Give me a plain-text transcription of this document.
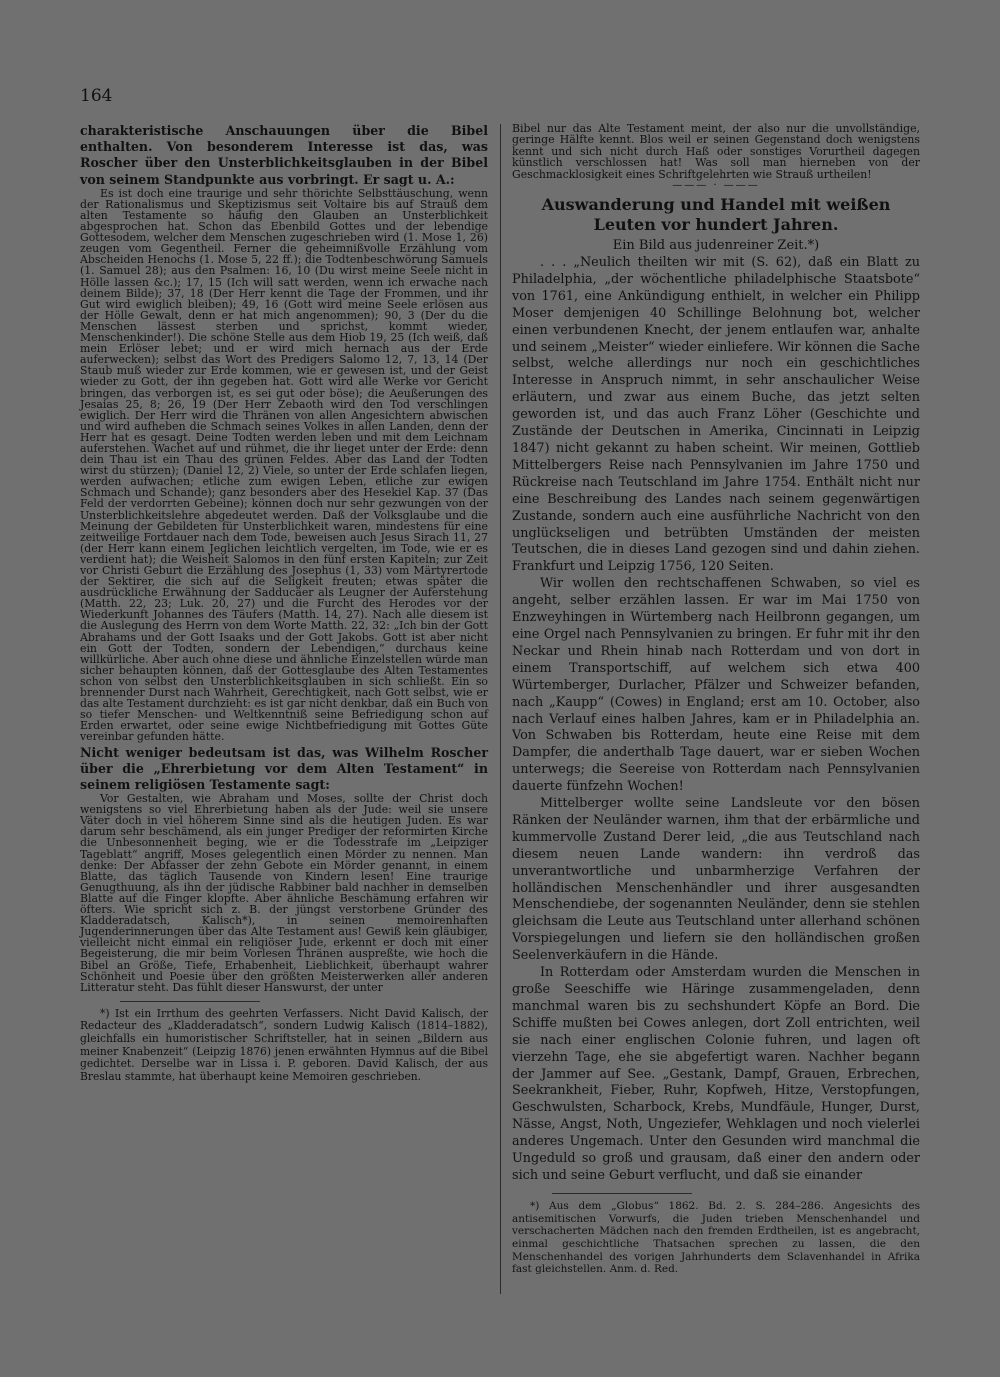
164

charakteristische Anschauungen über die Bibel enthalten. Von besonderem Interesse ist das, was Roscher über den Unsterblichkeitsglauben in der Bibel von seinem Standpunkte aus vorbringt. Er sagt u. A.:

Es ist doch eine traurige und sehr thörichte Selbsttäuschung, wenn der Rationalismus und Skeptizismus seit Voltaire bis auf Strauß dem alten Testamente so häufig den Glauben an Unsterblichkeit abgesprochen hat. Schon das Ebenbild Gottes und der lebendige Gottesodem, welcher dem Menschen zugeschrieben wird (1. Mose 1, 26) zeugen vom Gegentheil. Ferner die geheimnißvolle Erzählung vom Abscheiden Henochs (1. Mose 5, 22 ff.); die Todtenbeschwörung Samuels (1. Samuel 28); aus den Psalmen: 16, 10 (Du wirst meine Seele nicht in Hölle lassen &c.); 17, 15 (Ich will satt werden, wenn ich erwache nach deinem Bilde); 37, 18 (Der Herr kennt die Tage der Frommen, und ihr Gut wird ewiglich bleiben); 49, 16 (Gott wird meine Seele erlösen aus der Hölle Gewalt, denn er hat mich angenommen); 90, 3 (Der du die Menschen lässest sterben und sprichst, kommt wieder, Menschenkinder!). Die schöne Stelle aus dem Hiob 19, 25 (Ich weiß, daß mein Erlöser lebet; und er wird mich hernach aus der Erde auferwecken); selbst das Wort des Predigers Salomo 12, 7, 13, 14 (Der Staub muß wieder zur Erde kommen, wie er gewesen ist, und der Geist wieder zu Gott, der ihn gegeben hat. Gott wird alle Werke vor Gericht bringen, das verborgen ist, es sei gut oder böse); die Aeußerungen des Jesaias 25, 8; 26, 19 (Der Herr Zebaoth wird den Tod verschlingen ewiglich. Der Herr wird die Thränen von allen Angesichtern abwischen und wird aufheben die Schmach seines Volkes in allen Landen, denn der Herr hat es gesagt. Deine Todten werden leben und mit dem Leichnam auferstehen. Wachet auf und rühmet, die ihr lieget unter der Erde: denn dein Thau ist ein Thau des grünen Feldes. Aber das Land der Todten wirst du stürzen); (Daniel 12, 2) Viele, so unter der Erde schlafen liegen, werden aufwachen; etliche zum ewigen Leben, etliche zur ewigen Schmach und Schande); ganz besonders aber des Hesekiel Kap. 37 (Das Feld der verdorrten Gebeine); können doch nur sehr gezwungen von der Unsterblichkeitslehre abgedeutet werden. Daß der Volksglaube und die Meinung der Gebildeten für Unsterblichkeit waren, mindestens für eine zeitweilige Fortdauer nach dem Tode, beweisen auch Jesus Sirach 11, 27 (der Herr kann einem Jeglichen leichtlich vergelten, im Tode, wie er es verdient hat); die Weisheit Salomos in den fünf ersten Kapiteln; zur Zeit vor Christi Geburt die Erzählung des Josephus (1, 33) vom Märtyrertode der Sektirer, die sich auf die Seligkeit freuten; etwas später die ausdrückliche Erwähnung der Sadducäer als Leugner der Auferstehung (Matth. 22, 23; Luk. 20, 27) und die Furcht des Herodes vor der Wiederkunft Johannes des Täufers (Matth. 14, 27). Nach alle diesem ist die Auslegung des Herrn von dem Worte Matth. 22, 32: „Ich bin der Gott Abrahams und der Gott Isaaks und der Gott Jakobs. Gott ist aber nicht ein Gott der Todten, sondern der Lebendigen,“ durchaus keine willkürliche. Aber auch ohne diese und ähnliche Einzelstellen würde man sicher behaupten können, daß der Gottesglaube des Alten Testamentes schon von selbst den Unsterblichkeitsglauben in sich schließt. Ein so brennender Durst nach Wahrheit, Gerechtigkeit, nach Gott selbst, wie er das alte Testament durchzieht: es ist gar nicht denkbar, daß ein Buch von so tiefer Menschen- und Weltkenntniß seine Befriedigung schon auf Erden erwartet, oder seine ewige Nichtbefriedigung mit Gottes Güte vereinbar gefunden hätte.

Nicht weniger bedeutsam ist das, was Wilhelm Roscher über die „Ehrerbietung vor dem Alten Testament“ in seinem religiösen Testamente sagt:

Vor Gestalten, wie Abraham und Moses, sollte der Christ doch wenigstens so viel Ehrerbietung haben als der Jude: weil sie unsere Väter doch in viel höherem Sinne sind als die heutigen Juden. Es war darum sehr beschämend, als ein junger Prediger der reformirten Kirche die Unbesonnenheit beging, wie er die Todesstrafe im „Leipziger Tageblatt“ angriff, Moses gelegentlich einen Mörder zu nennen. Man denke: Der Abfasser der zehn Gebote ein Mörder genannt, in einem Blatte, das täglich Tausende von Kindern lesen! Eine traurige Genugthuung, als ihn der jüdische Rabbiner bald nachher in demselben Blatte auf die Finger klopfte. Aber ähnliche Beschämung erfahren wir öfters. Wie spricht sich z. B. der jüngst verstorbene Gründer des Kladderadatsch, Kalisch*), in seinen memoirenhaften Jugenderinnerungen über das Alte Testament aus! Gewiß kein gläubiger, vielleicht nicht einmal ein religiöser Jude, erkennt er doch mit einer Begeisterung, die mir beim Vorlesen Thränen auspreßte, wie hoch die Bibel an Größe, Tiefe, Erhabenheit, Lieblichkeit, überhaupt wahrer Schönheit und Poesie über den größten Meisterwerken aller anderen Litteratur steht. Das fühlt dieser Hanswurst, der unter

*) Ist ein Irrthum des geehrten Verfassers. Nicht David Kalisch, der Redacteur des „Kladderadatsch“, sondern Ludwig Kalisch (1814–1882), gleichfalls ein humoristischer Schriftsteller, hat in seinen „Bildern aus meiner Knabenzeit“ (Leipzig 1876) jenen erwähnten Hymnus auf die Bibel gedichtet. Derselbe war in Lissa i. P. geboren. David Kalisch, der aus Breslau stammte, hat überhaupt keine Memoiren geschrieben.

Bibel nur das Alte Testament meint, der also nur die unvollständige, geringe Hälfte kennt. Blos weil er seinen Gegenstand doch wenigstens kennt und sich nicht durch Haß oder sonstiges Vorurtheil dagegen künstlich verschlossen hat! Was soll man hierneben von der Geschmacklosigkeit eines Schriftgelehrten wie Strauß urtheilen!

——— · ———
Auswanderung und Handel mit weißen Leuten vor hundert Jahren.
Ein Bild aus judenreiner Zeit.*)

. . . „Neulich theilten wir mit (S. 62), daß ein Blatt zu Philadelphia, „der wöchentliche philadelphische Staatsbote“ von 1761, eine Ankündigung enthielt, in welcher ein Philipp Moser demjenigen 40 Schillinge Belohnung bot, welcher einen verbundenen Knecht, der jenem entlaufen war, anhalte und seinem „Meister“ wieder einliefere. Wir können die Sache selbst, welche allerdings nur noch ein geschichtliches Interesse in Anspruch nimmt, in sehr anschaulicher Weise erläutern, und zwar aus einem Buche, das jetzt selten geworden ist, und das auch Franz Löher (Geschichte und Zustände der Deutschen in Amerika, Cincinnati in Leipzig 1847) nicht gekannt zu haben scheint. Wir meinen, Gottlieb Mittelbergers Reise nach Pennsylvanien im Jahre 1750 und Rückreise nach Teutschland im Jahre 1754. Enthält nicht nur eine Beschreibung des Landes nach seinem gegenwärtigen Zustande, sondern auch eine ausführliche Nachricht von den unglückseligen und betrübten Umständen der meisten Teutschen, die in dieses Land gezogen sind und dahin ziehen. Frankfurt und Leipzig 1756, 120 Seiten.

Wir wollen den rechtschaffenen Schwaben, so viel es angeht, selber erzählen lassen. Er war im Mai 1750 von Enzweyhingen in Würtemberg nach Heilbronn gegangen, um eine Orgel nach Pennsylvanien zu bringen. Er fuhr mit ihr den Neckar und Rhein hinab nach Rotterdam und von dort in einem Transportschiff, auf welchem sich etwa 400 Würtemberger, Durlacher, Pfälzer und Schweizer befanden, nach „Kaupp“ (Cowes) in England; erst am 10. October, also nach Verlauf eines halben Jahres, kam er in Philadelphia an. Von Schwaben bis Rotterdam, heute eine Reise mit dem Dampfer, die anderthalb Tage dauert, war er sieben Wochen unterwegs; die Seereise von Rotterdam nach Pennsylvanien dauerte fünfzehn Wochen!

Mittelberger wollte seine Landsleute vor den bösen Ränken der Neuländer warnen, ihm that der erbärmliche und kummervolle Zustand Derer leid, „die aus Teutschland nach diesem neuen Lande wandern: ihn verdroß das unverantwortliche und unbarmherzige Verfahren der holländischen Menschenhändler und ihrer ausgesandten Menschendiebe, der sogenannten Neuländer, denn sie stehlen gleichsam die Leute aus Teutschland unter allerhand schönen Vorspiegelungen und liefern sie den holländischen großen Seelenverkäufern in die Hände.

In Rotterdam oder Amsterdam wurden die Menschen in große Seeschiffe wie Häringe zusammengeladen, denn manchmal waren bis zu sechshundert Köpfe an Bord. Die Schiffe mußten bei Cowes anlegen, dort Zoll entrichten, weil sie nach einer englischen Colonie fuhren, und lagen oft vierzehn Tage, ehe sie abgefertigt waren. Nachher begann der Jammer auf See. „Gestank, Dampf, Grauen, Erbrechen, Seekrankheit, Fieber, Ruhr, Kopfweh, Hitze, Verstopfungen, Geschwulsten, Scharbock, Krebs, Mundfäule, Hunger, Durst, Nässe, Angst, Noth, Ungeziefer, Wehklagen und noch vielerlei anderes Ungemach. Unter den Gesunden wird manchmal die Ungeduld so groß und grausam, daß einer den andern oder sich und seine Geburt verflucht, und daß sie einander

*) Aus dem „Globus“ 1862. Bd. 2. S. 284–286. Angesichts des antisemitischen Vorwurfs, die Juden trieben Menschenhandel und verschacherten Mädchen nach den fremden Erdtheilen, ist es angebracht, einmal geschichtliche Thatsachen sprechen zu lassen, die den Menschenhandel des vorigen Jahrhunderts dem Sclavenhandel in Afrika fast gleichstellen. Anm. d. Red.
